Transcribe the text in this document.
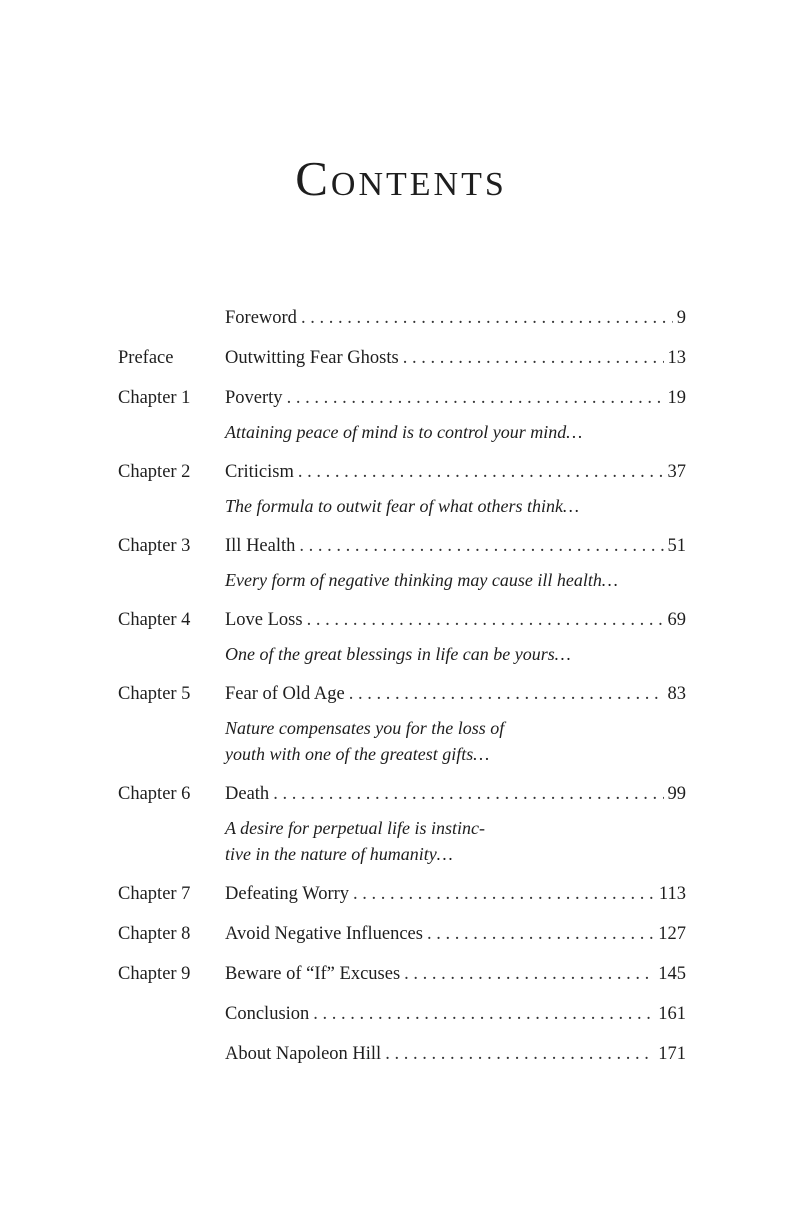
Contents
Foreword . . .	9
Preface	Outwitting Fear Ghosts . . .	13
Chapter 1 Poverty . . .	19
Attaining peace of mind is to control your mind…
Chapter 2 Criticism . . .	37
The formula to outwit fear of what others think…
Chapter 3 Ill Health . . .	51
Every form of negative thinking may cause ill health…
Chapter 4 Love Loss . . .	69
One of the great blessings in life can be yours…
Chapter 5 Fear of Old Age . . .	83
Nature compensates you for the loss of youth with one of the greatest gifts…
Chapter 6 Death . . .	99
A desire for perpetual life is instinc-tive in the nature of humanity…
Chapter 7 Defeating Worry . . .	113
Chapter 8 Avoid Negative Influences . . .	127
Chapter 9 Beware of “If” Excuses . . .	145
Conclusion . . .	161
About Napoleon Hill . . .	171
